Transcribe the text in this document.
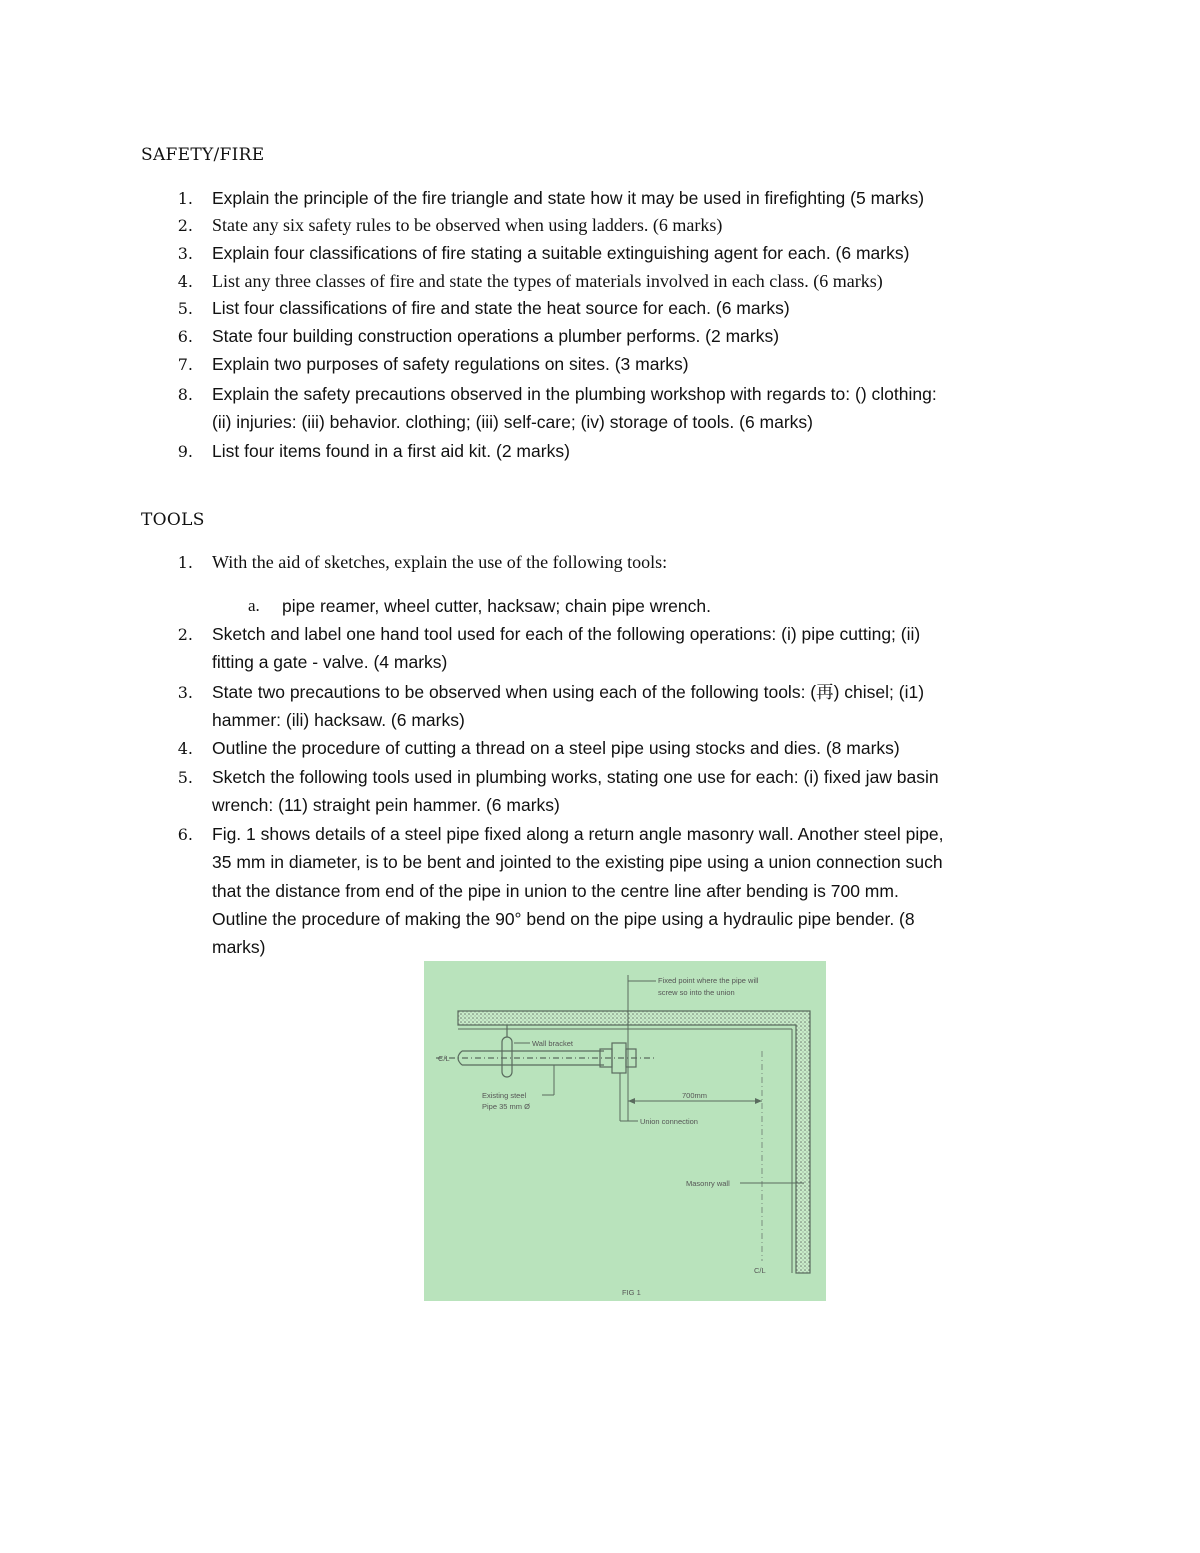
SAFETY/FIRE
1. Explain the principle of the fire triangle and state how it may be used in firefighting (5 marks)
2. State any six safety rules to be observed when using ladders. (6 marks)
3. Explain four classifications of fire stating a suitable extinguishing agent for each. (6 marks)
4. List any three classes of fire and state the types of materials involved in each class. (6 marks)
5. List four classifications of fire and state the heat source for each. (6 marks)
6. State four building construction operations a plumber performs. (2 marks)
7. Explain two purposes of safety regulations on sites. (3 marks)
8. Explain the safety precautions observed in the plumbing workshop with regards to: () clothing:
(ii) injuries: (iii) behavior. clothing; (iii) self-care; (iv) storage of tools. (6 marks)
9. List four items found in a first aid kit. (2 marks)
TOOLS
1. With the aid of sketches, explain the use of the following tools:
a. pipe reamer, wheel cutter, hacksaw; chain pipe wrench.
2. Sketch and label one hand tool used for each of the following operations: (i) pipe cutting; (ii)
fitting a gate - valve. (4 marks)
3. State two precautions to be observed when using each of the following tools: (再) chisel; (i1)
hammer: (ili) hacksaw. (6 marks)
4. Outline the procedure of cutting a thread on a steel pipe using stocks and dies. (8 marks)
5. Sketch the following tools used in plumbing works, stating one use for each: (i) fixed jaw basin
wrench: (11) straight pein hammer. (6 marks)
6. Fig. 1 shows details of a steel pipe fixed along a return angle masonry wall. Another steel pipe,
35 mm in diameter, is to be bent and jointed to the existing pipe using a union connection such
that the distance from end of the pipe in union to the centre line after bending is 700 mm.
Outline the procedure of making the 90° bend on the pipe using a hydraulic pipe bender. (8
marks)
Fixed point where the pipe will
screw so into the union
Wall bracket
Existing steel
Pipe 35 mm Ø
700mm
Union connection
Masonry wall
C/L
C/L
FIG 1
